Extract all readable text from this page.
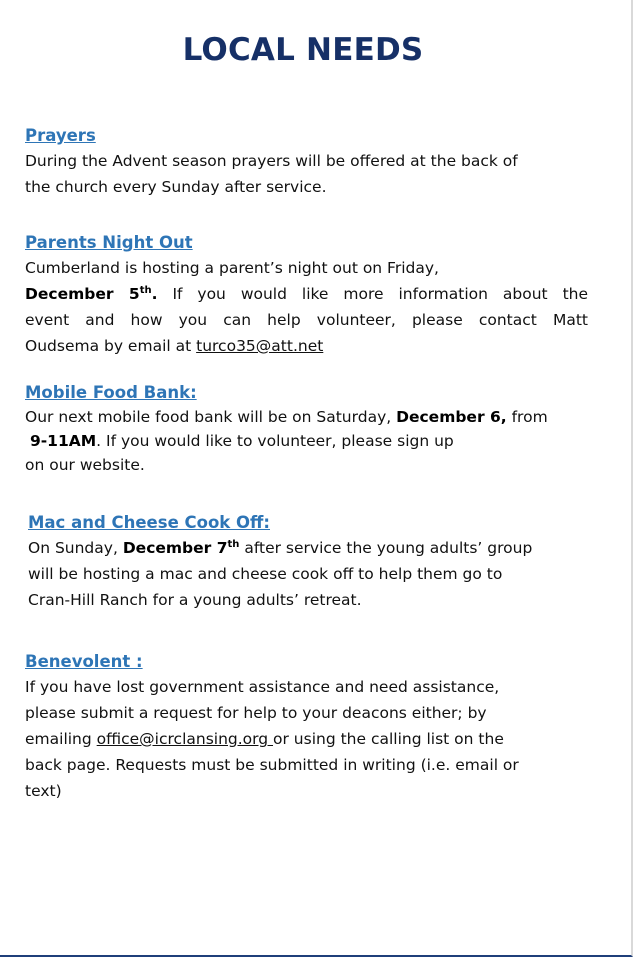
LOCAL NEEDS

Prayers

During the Advent season prayers will be offered at the back of
the church every Sunday after service.

Parents Night Out

Cumberland is hosting a parent’s night out on Friday,

December 5th. If you would like more information about the
event and how you can help volunteer, please contact Matt
Oudsema by email at turco35@att.net

Mobile Food Bank:

Our next mobile food bank will be on Saturday, December 6, from
9-11AM. If you would like to volunteer, please sign up
on our website.

Mac and Cheese Cook Off:

On Sunday, December 7th after service the young adults’ group
will be hosting a mac and cheese cook off to help them go to
Cran-Hill Ranch for a young adults’ retreat.

Benevolent :

If you have lost government assistance and need assistance,
please submit a request for help to your deacons either; by
emailing office@icrclansing.org or using the calling list on the
back page. Requests must be submitted in writing (i.e. email or
text)
